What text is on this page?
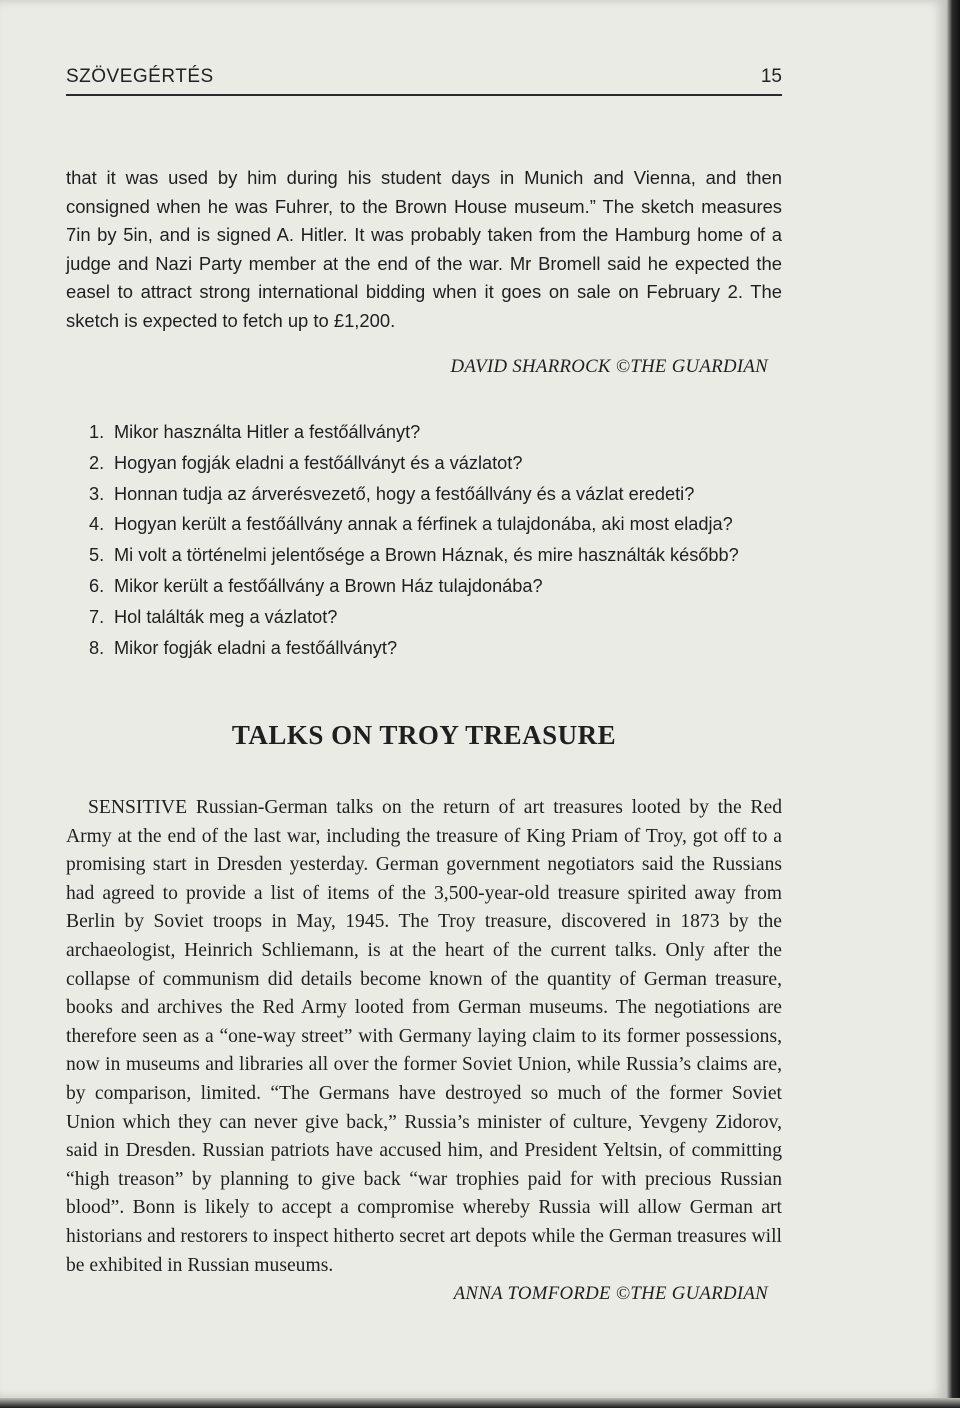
SZÖVEGÉRTÉS	15

that it was used by him during his student days in Munich and Vienna, and then consigned when he was Fuhrer, to the Brown House museum.” The sketch measures 7in by 5in, and is signed A. Hitler. It was probably taken from the Hamburg home of a judge and Nazi Party member at the end of the war. Mr Bromell said he expected the easel to attract strong international bidding when it goes on sale on February 2. The sketch is expected to fetch up to £1,200.

DAVID SHARROCK ©THE GUARDIAN
1. Mikor használta Hitler a festőállványt?
2. Hogyan fogják eladni a festőállványt és a vázlatot?
3. Honnan tudja az árverésvezető, hogy a festőállvány és a vázlat eredeti?
4. Hogyan került a festőállvány annak a férfinek a tulajdonába, aki most eladja?
5. Mi volt a történelmi jelentősége a Brown Háznak, és mire használták később?
6. Mikor került a festőállvány a Brown Ház tulajdonába?
7. Hol találták meg a vázlatot?
8. Mikor fogják eladni a festőállványt?
TALKS ON TROY TREASURE

SENSITIVE Russian-German talks on the return of art treasures looted by the Red Army at the end of the last war, including the treasure of King Priam of Troy, got off to a promising start in Dresden yesterday. German government negotiators said the Russians had agreed to provide a list of items of the 3,500-year-old treasure spirited away from Berlin by Soviet troops in May, 1945. The Troy treasure, discovered in 1873 by the archaeologist, Heinrich Schliemann, is at the heart of the current talks. Only after the collapse of communism did details become known of the quantity of German treasure, books and archives the Red Army looted from German museums. The negotiations are therefore seen as a “one-way street” with Germany laying claim to its former possessions, now in museums and libraries all over the former Soviet Union, while Russia’s claims are, by comparison, limited. “The Germans have destroyed so much of the former Soviet Union which they can never give back,” Russia’s minister of culture, Yevgeny Zidorov, said in Dresden. Russian patriots have accused him, and President Yeltsin, of committing “high treason” by planning to give back “war trophies paid for with precious Russian blood”. Bonn is likely to accept a compromise whereby Russia will allow German art historians and restorers to inspect hitherto secret art depots while the German treasures will be exhibited in Russian museums.

ANNA TOMFORDE ©THE GUARDIAN
